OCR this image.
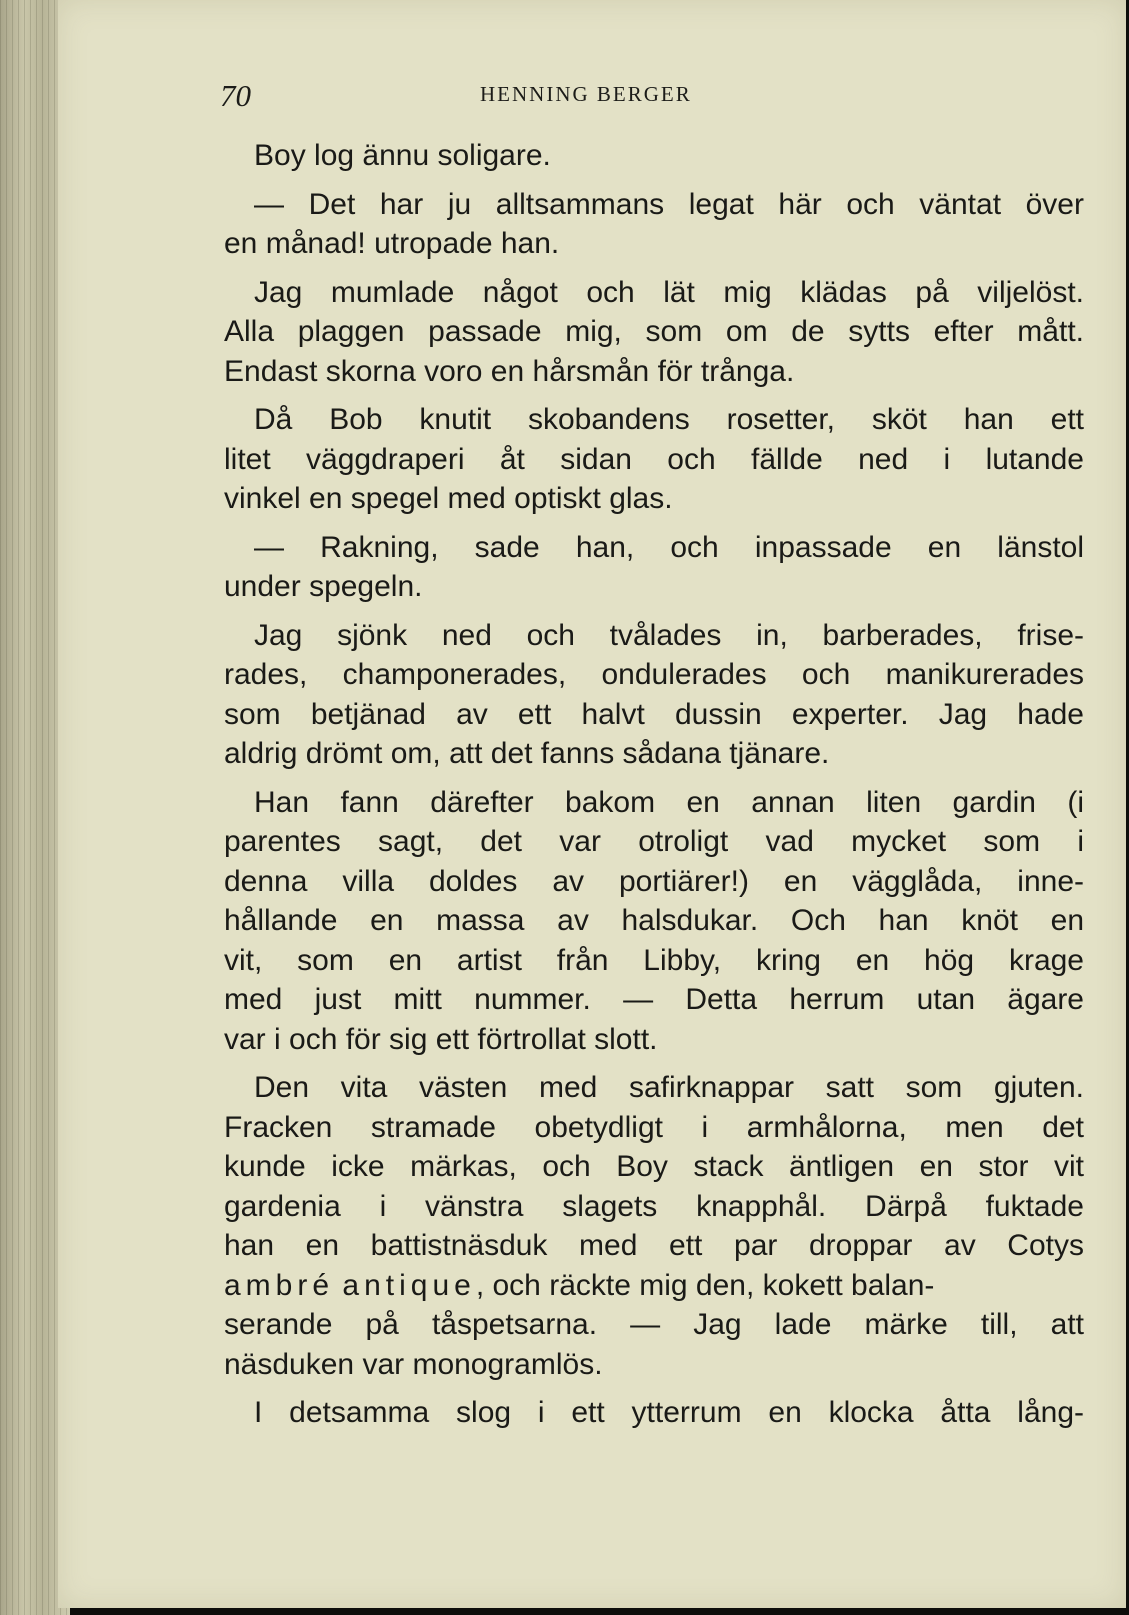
70	HENNING BERGER
Boy log ännu soligare.
— Det har ju alltsammans legat här och väntat över
en månad! utropade han.
Jag mumlade något och lät mig klädas på viljelöst.
Alla plaggen passade mig, som om de sytts efter mått.
Endast skorna voro en hårsmån för trånga.
Då Bob knutit skobandens rosetter, sköt han ett
litet väggdraperi åt sidan och fällde ned i lutande
vinkel en spegel med optiskt glas.
— Rakning, sade han, och inpassade en länstol
under spegeln.
Jag sjönk ned och tvålades in, barberades, frise-
rades, champonerades, ondulerades och manikurerades
som betjänad av ett halvt dussin experter. Jag hade
aldrig drömt om, att det fanns sådana tjänare.
Han fann därefter bakom en annan liten gardin (i
parentes sagt, det var otroligt vad mycket som i
denna villa doldes av portiärer!) en vägglåda, inne-
hållande en massa av halsdukar. Och han knöt en
vit, som en artist från Libby, kring en hög krage
med just mitt nummer. — Detta herrum utan ägare
var i och för sig ett förtrollat slott.
Den vita västen med safirknappar satt som gjuten.
Fracken stramade obetydligt i armhålorna, men det
kunde icke märkas, och Boy stack äntligen en stor vit
gardenia i vänstra slagets knapphål. Därpå fuktade
han en battistnäsduk med ett par droppar av Cotys
ambré antique, och räckte mig den, kokett balan-
serande på tåspetsarna. — Jag lade märke till, att
näsduken var monogramlös.
I detsamma slog i ett ytterrum en klocka åtta lång-
